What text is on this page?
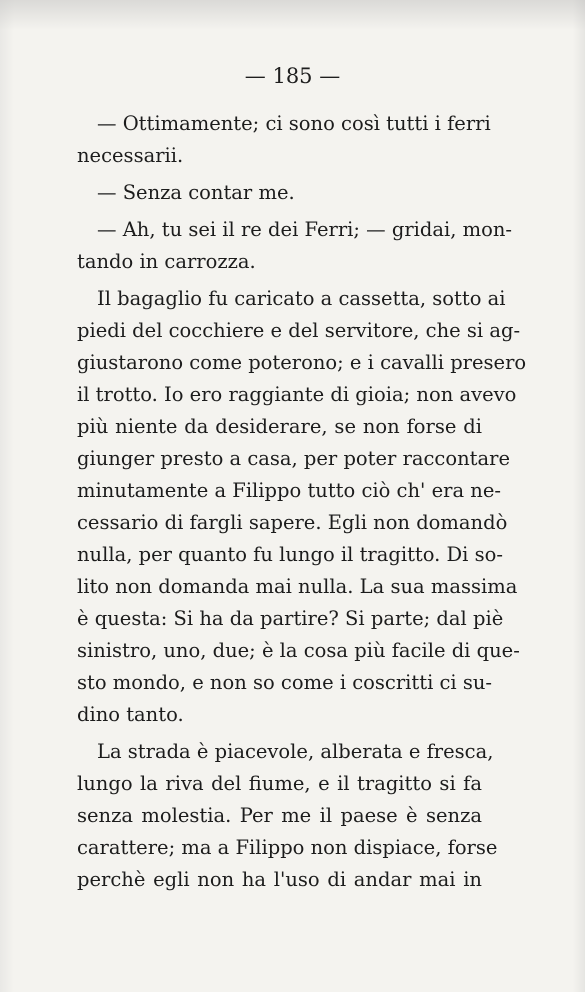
— 185 —
— Ottimamente; ci sono così tutti i ferri
necessarii.
— Senza contar me.
— Ah, tu sei il re dei Ferri; — gridai, mon-
tando in carrozza.
Il bagaglio fu caricato a cassetta, sotto ai
piedi del cocchiere e del servitore, che si ag-
giustarono come poterono; e i cavalli presero
il trotto. Io ero raggiante di gioia; non avevo
più niente da desiderare, se non forse di
giunger presto a casa, per poter raccontare
minutamente a Filippo tutto ciò ch' era ne-
cessario di fargli sapere. Egli non domandò
nulla, per quanto fu lungo il tragitto. Di so-
lito non domanda mai nulla. La sua massima
è questa: Si ha da partire? Si parte; dal piè
sinistro, uno, due; è la cosa più facile di que-
sto mondo, e non so come i coscritti ci su-
dino tanto.
La strada è piacevole, alberata e fresca,
lungo la riva del fiume, e il tragitto si fa
senza molestia. Per me il paese è senza
carattere; ma a Filippo non dispiace, forse
perchè egli non ha l'uso di andar mai in
